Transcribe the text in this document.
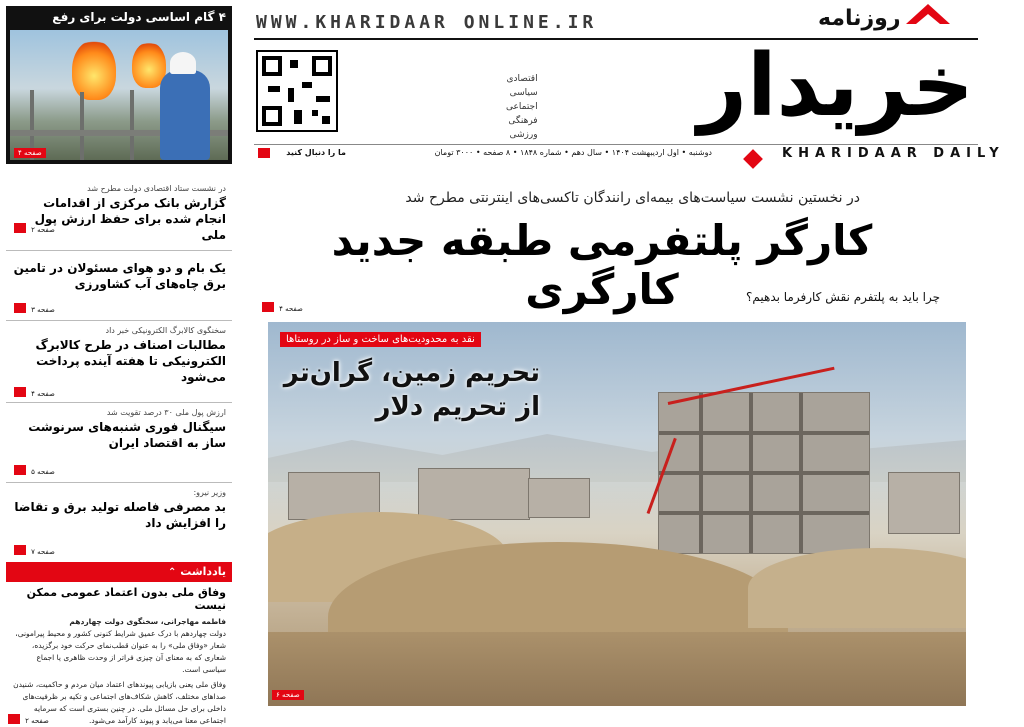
۴ گام اساسی دولت برای رفع
صفحه ۴
WWW.KHARIDAAR ONLINE.IR
اقتصادی
سیاسی
اجتماعی
فرهنگی
ورزشی
روزنامه
خریدار
KHARIDAAR DAILY
دوشنبه • اول اردیبهشت ۱۴۰۴ • سال دهم • شماره ۱۸۴۸ • ۸ صفحه • ۳۰۰۰ تومان
ما را دنبال کنید
در نشست ستاد اقتصادی دولت مطرح شد
گزارش بانک مرکزی از اقدامات انجام شده برای حفظ ارزش پول ملی
صفحه ۲
یک بام و دو هوای مسئولان در تامین برق چاه‌های آب کشاورزی
صفحه ۳
سخنگوی کالابرگ الکترونیکی خبر داد
مطالبات اصناف در طرح کالابرگ الکترونیکی تا هفته آینده پرداخت می‌شود
صفحه ۴
ارزش پول ملی ۳۰ درصد تقویت شد
سیگنال فوری شنبه‌های سرنوشت ساز به اقتصاد ایران
صفحه ۵
وزیر نیرو:
بد مصرفی فاصله تولید برق و تقاضا را افزایش داد
صفحه ۷
یادداشت ⌃
وفاق ملی بدون اعتماد عمومی ممکن نیست
فاطمه مهاجرانی، سخنگوی دولت چهاردهم
دولت چهاردهم با درک عمیق شرایط کنونی کشور و محیط پیرامونی، شعار «وفاق ملی» را به عنوان قطب‌نمای حرکت خود برگزیده، شعاری که به معنای آن چیزی فراتر از وحدت ظاهری یا اجماع سیاسی است.
وفاق ملی یعنی بازیابی پیوندهای اعتماد میان مردم و حاکمیت، شنیدن صداهای مختلف، کاهش شکاف‌های اجتماعی و تکیه بر ظرفیت‌های داخلی برای حل مسائل ملی. در چنین بستری است که سرمایه اجتماعی معنا می‌یابد و پیوند کارآمد می‌شود.
صفحه ۲
در نخستین نشست سیاست‌های بیمه‌ای رانندگان تاکسی‌های اینترنتی مطرح شد
کارگر پلتفرمی طبقه جدید کارگری	چرا باید به پلتفرم نقش کارفرما بدهیم؟
صفحه ۴
نقد به محدودیت‌های ساخت و ساز در روستاها
تحریم زمین، گران‌تر
از تحریم دلار
صفحه ۶
